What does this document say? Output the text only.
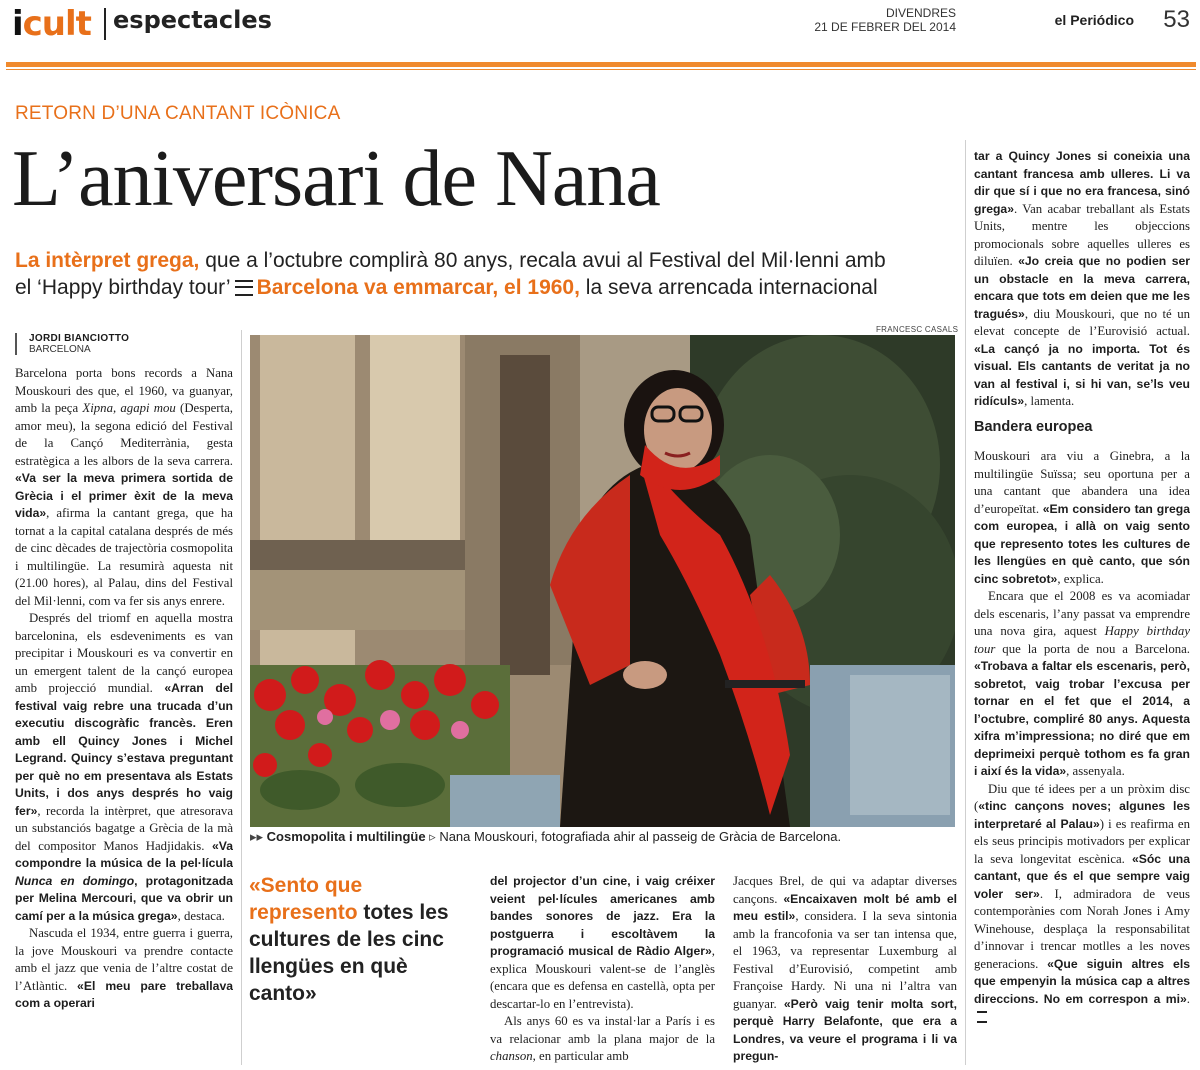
icult espectacles	DIVENDRES
21 DE FEBRER DEL 2014	el Periódico 53
RETORN D’UNA CANTANT ICÒNICA
L’aniversari de Nana
La intèrpret grega, que a l’octubre complirà 80 anys, recala avui al Festival del Mil·lenni amb
el ‘Happy birthday tour’ Barcelona va emmarcar, el 1960, la seva arrencada internacional
JORDI BIANCIOTTO
BARCELONA
FRANCESC CASALS

Barcelona porta bons records a Nana Mouskouri des que, el 1960, va guanyar, amb la peça Xipna, agapi mou (Desperta, amor meu), la segona edició del Festival de la Cançó Mediterrània, gesta estratègica a les albors de la seva carrera. «Va ser la meva primera sortida de Grècia i el primer èxit de la meva vida», afirma la cantant grega, que ha tornat a la capital catalana després de més de cinc dècades de trajectòria cosmopolita i multilingüe. La resumirà aquesta nit (21.00 hores), al Palau, dins del Festival del Mil·lenni, com va fer sis anys enrere.

Després del triomf en aquella mostra barcelonina, els esdeveniments es van precipitar i Mouskouri es va convertir en un emergent talent de la cançó europea amb projecció mundial. «Arran del festival vaig rebre una trucada d’un executiu discogràfic francès. Eren amb ell Quincy Jones i Michel Legrand. Quincy s’estava preguntant per què no em presentava als Estats Units, i dos anys després ho vaig fer», recorda la intèrpret, que atresorava un substanciós bagatge a Grècia de la mà del compositor Manos Hadjidakis. «Va compondre la música de la pel·lícula Nunca en domingo, protagonitzada per Melina Mercouri, que va obrir un camí per a la música grega», destaca.

Nascuda el 1934, entre guerra i guerra, la jove Mouskouri va prendre contacte amb el jazz que venia de l’altre costat de l’Atlàntic. «El meu pare treballava com a operari

▸▸ Cosmopolita i multilingüe ▹ Nana Mouskouri, fotografiada ahir al passeig de Gràcia de Barcelona.
«Sento que represento totes les cultures de les cinc llengües en què canto»

del projector d’un cine, i vaig créixer veient pel·lícules americanes amb bandes sonores de jazz. Era la postguerra i escoltàvem la programació musical de Ràdio Alger», explica Mouskouri valent-se de l’anglès (encara que es defensa en castellà, opta per descartar-lo en l’entrevista).

Als anys 60 es va instal·lar a París i es va relacionar amb la plana major de la chanson, en particular amb

Jacques Brel, de qui va adaptar diverses cançons. «Encaixaven molt bé amb el meu estil», considera. I la seva sintonia amb la francofonia va ser tan intensa que, el 1963, va representar Luxemburg al Festival d’Eurovisió, competint amb Françoise Hardy. Ni una ni l’altra van guanyar. «Però vaig tenir molta sort, perquè Harry Belafonte, que era a Londres, va veure el programa i li va pregun-

tar a Quincy Jones si coneixia una cantant francesa amb ulleres. Li va dir que sí i que no era francesa, sinó grega». Van acabar treballant als Estats Units, mentre les objeccions promocionals sobre aquelles ulleres es diluïen. «Jo creia que no podien ser un obstacle en la meva carrera, encara que tots em deien que me les tragués», diu Mouskouri, que no té un elevat concepte de l’Eurovisió actual. «La cançó ja no importa. Tot és visual. Els cantants de veritat ja no van al festival i, si hi van, se’ls veu ridículs», lamenta.

Bandera europea

Mouskouri ara viu a Ginebra, a la multilingüe Suïssa; seu oportuna per a una cantant que abandera una idea d’europeïtat. «Em considero tan grega com europea, i allà on vaig sento que represento totes les cultures de les llengües en què canto, que són cinc sobretot», explica.

Encara que el 2008 es va acomiadar dels escenaris, l’any passat va emprendre una nova gira, aquest Happy birthday tour que la porta de nou a Barcelona. «Trobava a faltar els escenaris, però, sobretot, vaig trobar l’excusa per tornar en el fet que el 2014, a l’octubre, compliré 80 anys. Aquesta xifra m’impressiona; no diré que em deprimeixi perquè tothom es fa gran i així és la vida», assenyala.

Diu que té idees per a un pròxim disc («tinc cançons noves; algunes les interpretaré al Palau») i es reafirma en els seus principis motivadors per explicar la seva longevitat escènica. «Sóc una cantant, que és el que sempre vaig voler ser». I, admiradora de veus contemporànies com Norah Jones i Amy Winehouse, desplaça la responsabilitat d’innovar i trencar motlles a les noves generacions. «Que siguin altres els que empenyin la música cap a altres direccions. No em correspon a mi».
